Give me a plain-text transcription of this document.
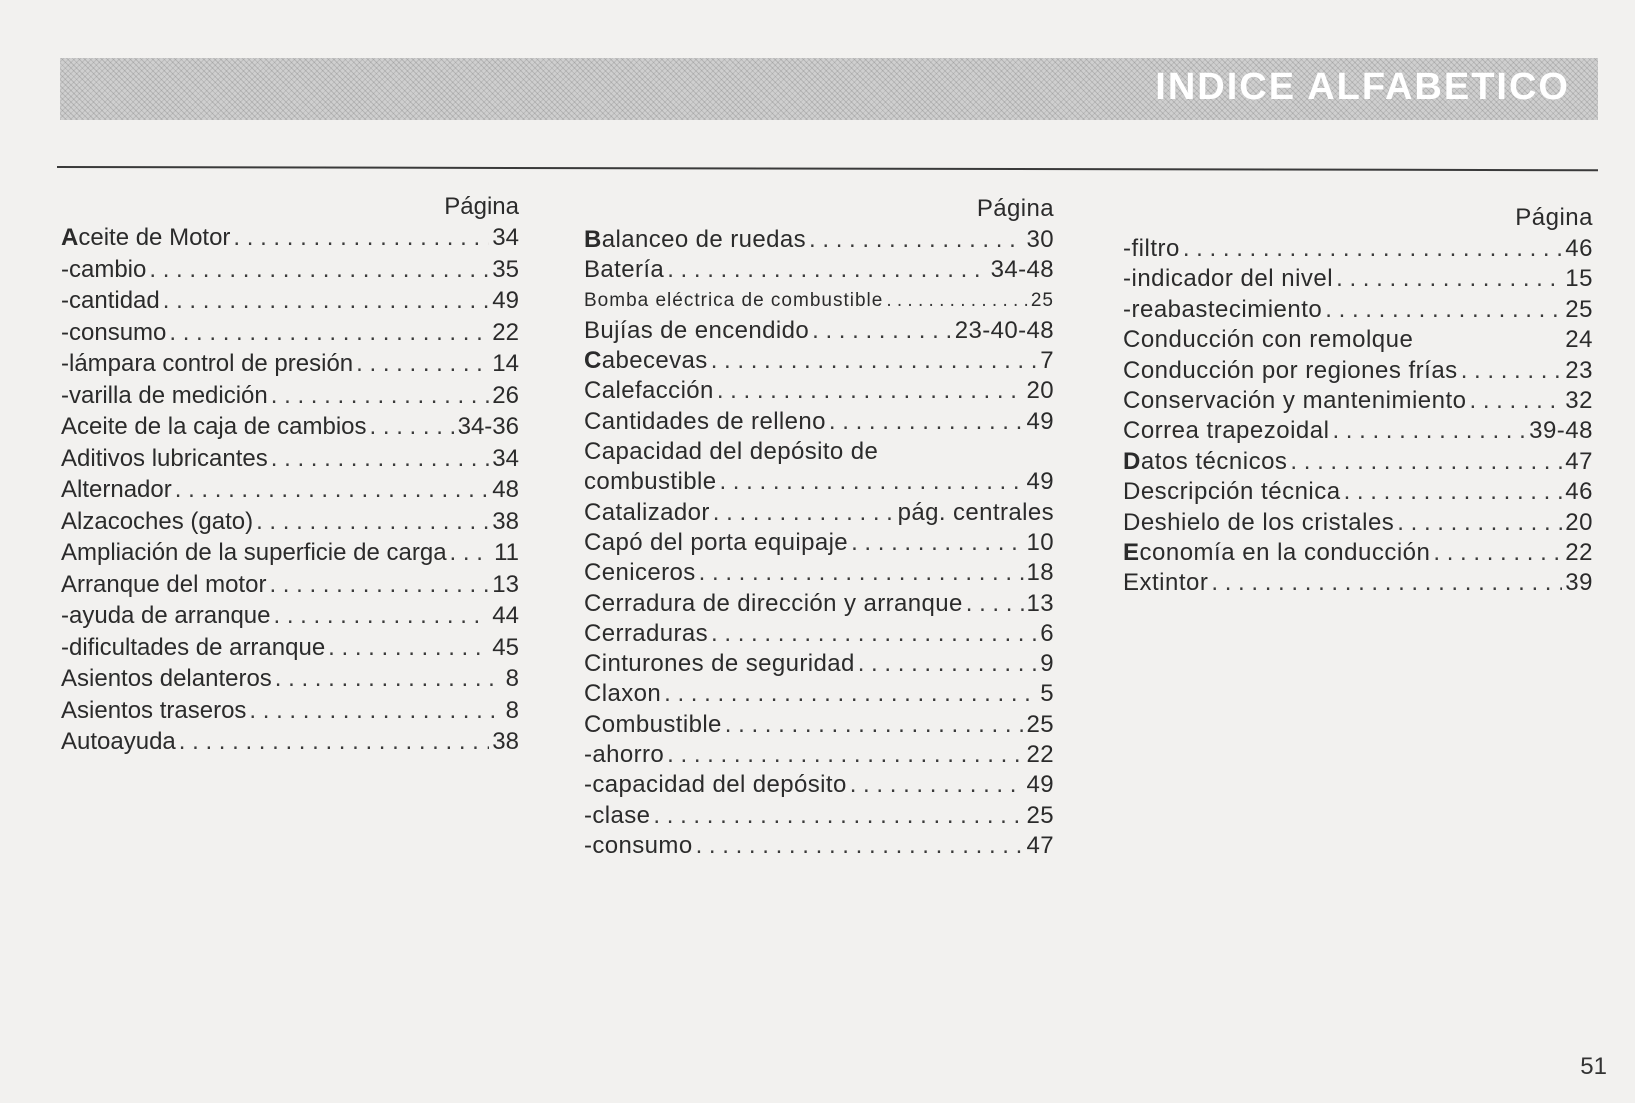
INDICE ALFABETICO
Página
Aceite de Motor . . .	34
-cambio . . .	35
-cantidad . . .	49
-consumo . . .	22
-lámpara control de presión . . .	14
-varilla de medición . . .	26
Aceite de la caja de cambios . . .	34-36
Aditivos lubricantes . . .	34
Alternador . . .	48
Alzacoches (gato) . . .	38
Ampliación de la superficie de carga . . . 11
Arranque del motor . . .	13
-ayuda de arranque . . .	44
-dificultades de arranque . . .	45
Asientos delanteros . . .	8
Asientos traseros . . .	8
Autoayuda . . .	38
Página
Balanceo de ruedas . . .	30
Batería . . .	34-48
Bomba eléctrica de combustible . . .	25
Bujías de encendido . . .	23-40-48
Cabecevas . . .	7
Calefacción . . .	20
Cantidades de relleno . . .	49
Capacidad del depósito de
combustible . . .	49
Catalizador . . .	pág. centrales
Capó del porta equipaje . . .	10
Ceniceros . . .	18
Cerradura de dirección y arranque . . .	13
Cerraduras . . .	6
Cinturones de seguridad . . .	9
Claxon . . .	5
Combustible . . .	25
-ahorro . . .	22
-capacidad del depósito . . .	49
-clase . . .	25
-consumo . . .	47
Página
-filtro . . .	46
-indicador del nivel . . .	15
-reabastecimiento . . .	25
Conducción con remolque	24
Conducción por regiones frías . . .	23
Conservación y mantenimiento . . .	32
Correa trapezoidal . . .	39-48
Datos técnicos . . .	47
Descripción técnica . . .	46
Deshielo de los cristales . . .	20
Economía en la conducción . . .	22
Extintor . . .	39
51
